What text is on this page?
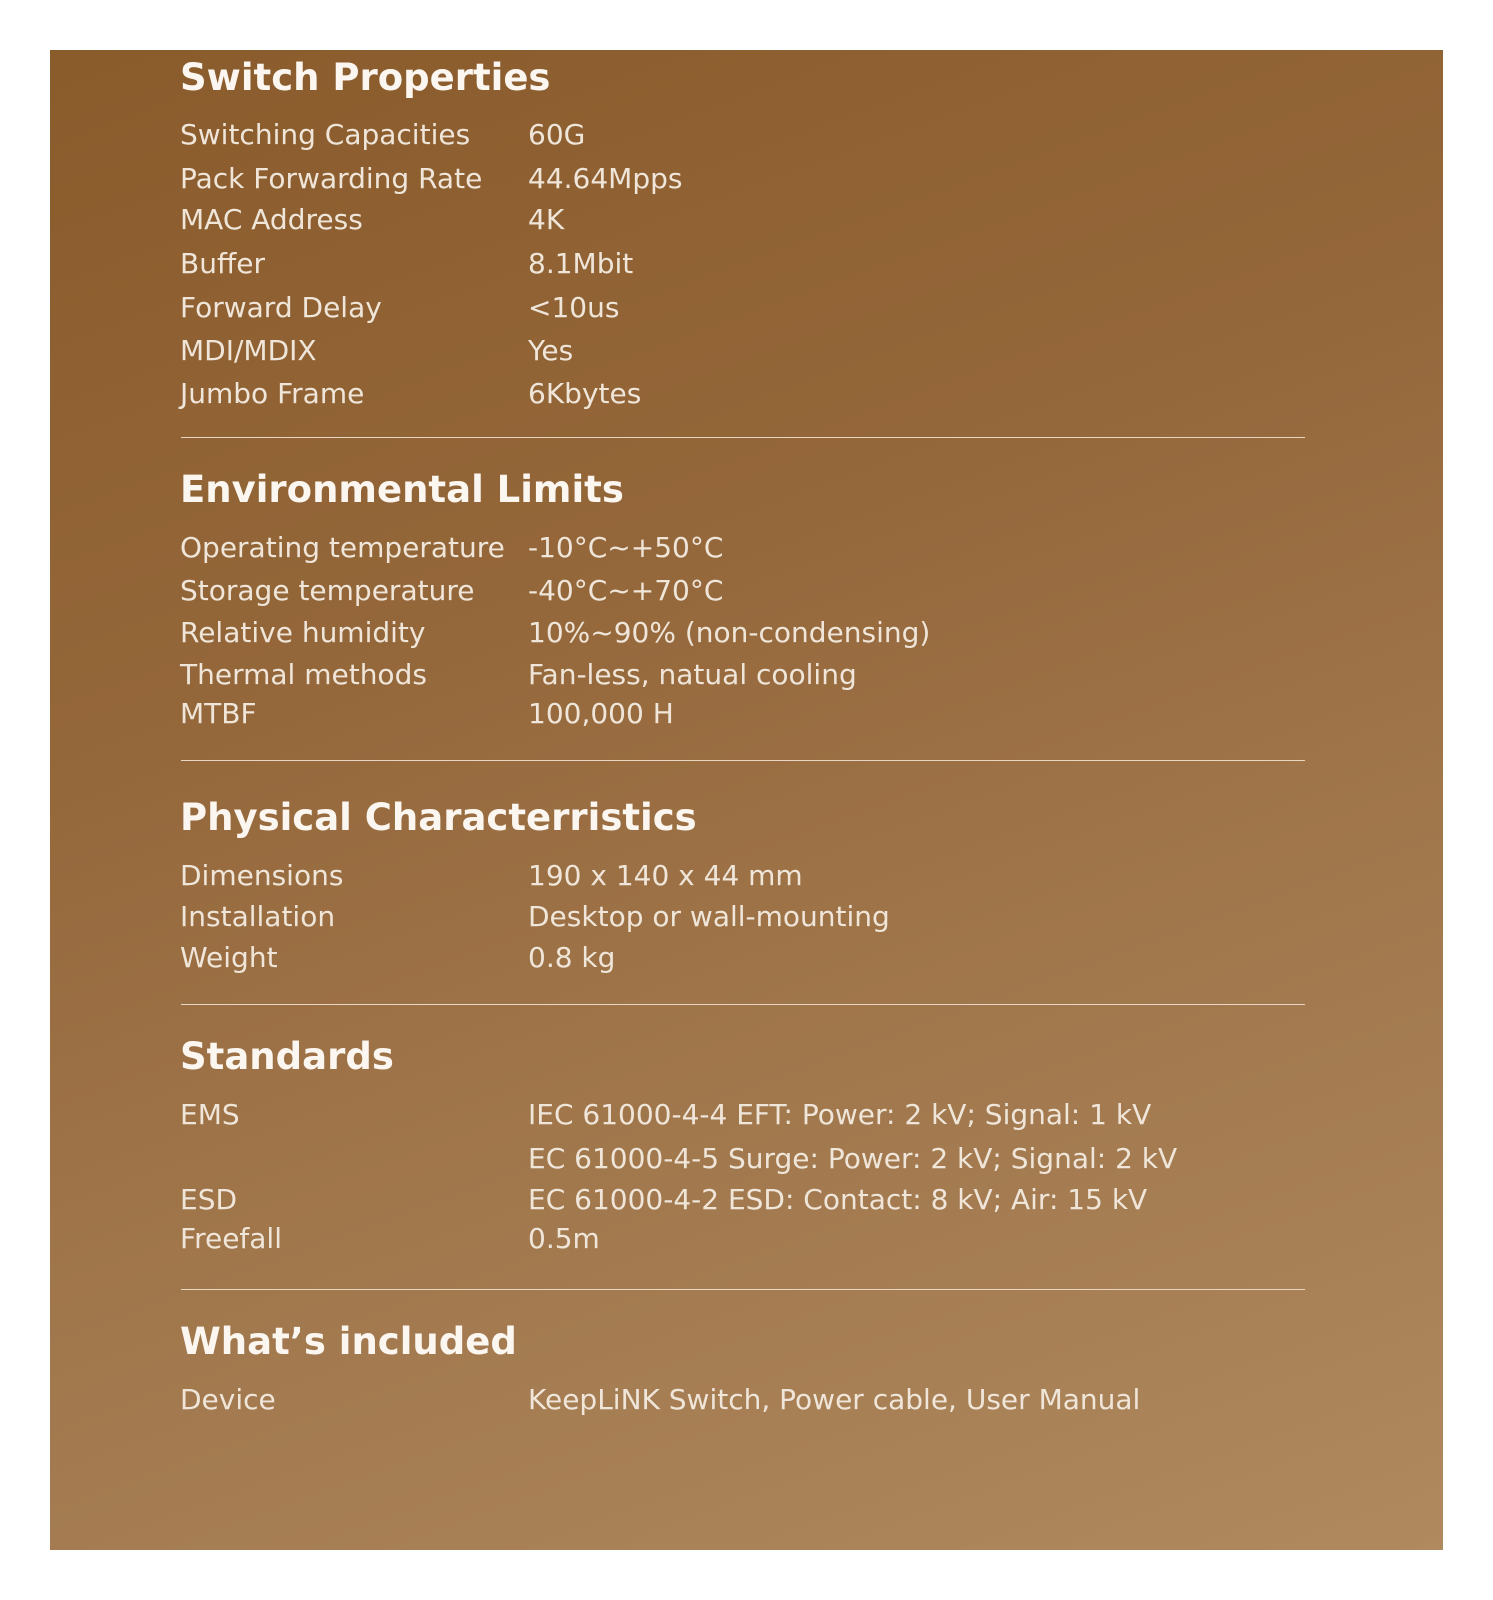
Switch Properties
Switching Capacities 60G
Pack Forwarding Rate 44.64Mpps
MAC Address	4K
Buffer	8.1Mbit
Forward Delay	<10us
MDI/MDIX	Yes
Jumbo Frame	6Kbytes
Environmental Limits
Operating temperature -10°C~+50°C
Storage temperature -40°C~+70°C
Relative humidity	10%~90% (non-condensing)
Thermal methods	Fan-less, natual cooling
MTBF	100,000 H
Physical Characterristics
Dimensions	190 x 140 x 44 mm
Installation	Desktop or wall-mounting
Weight	0.8 kg
Standards
EMS	IEC 61000-4-4 EFT: Power: 2 kV; Signal: 1 kV
EC 61000-4-5 Surge: Power: 2 kV; Signal: 2 kV
ESD	EC 61000-4-2 ESD: Contact: 8 kV; Air: 15 kV
Freefall	0.5m
What’s included
Device	KeepLiNK Switch, Power cable, User Manual
